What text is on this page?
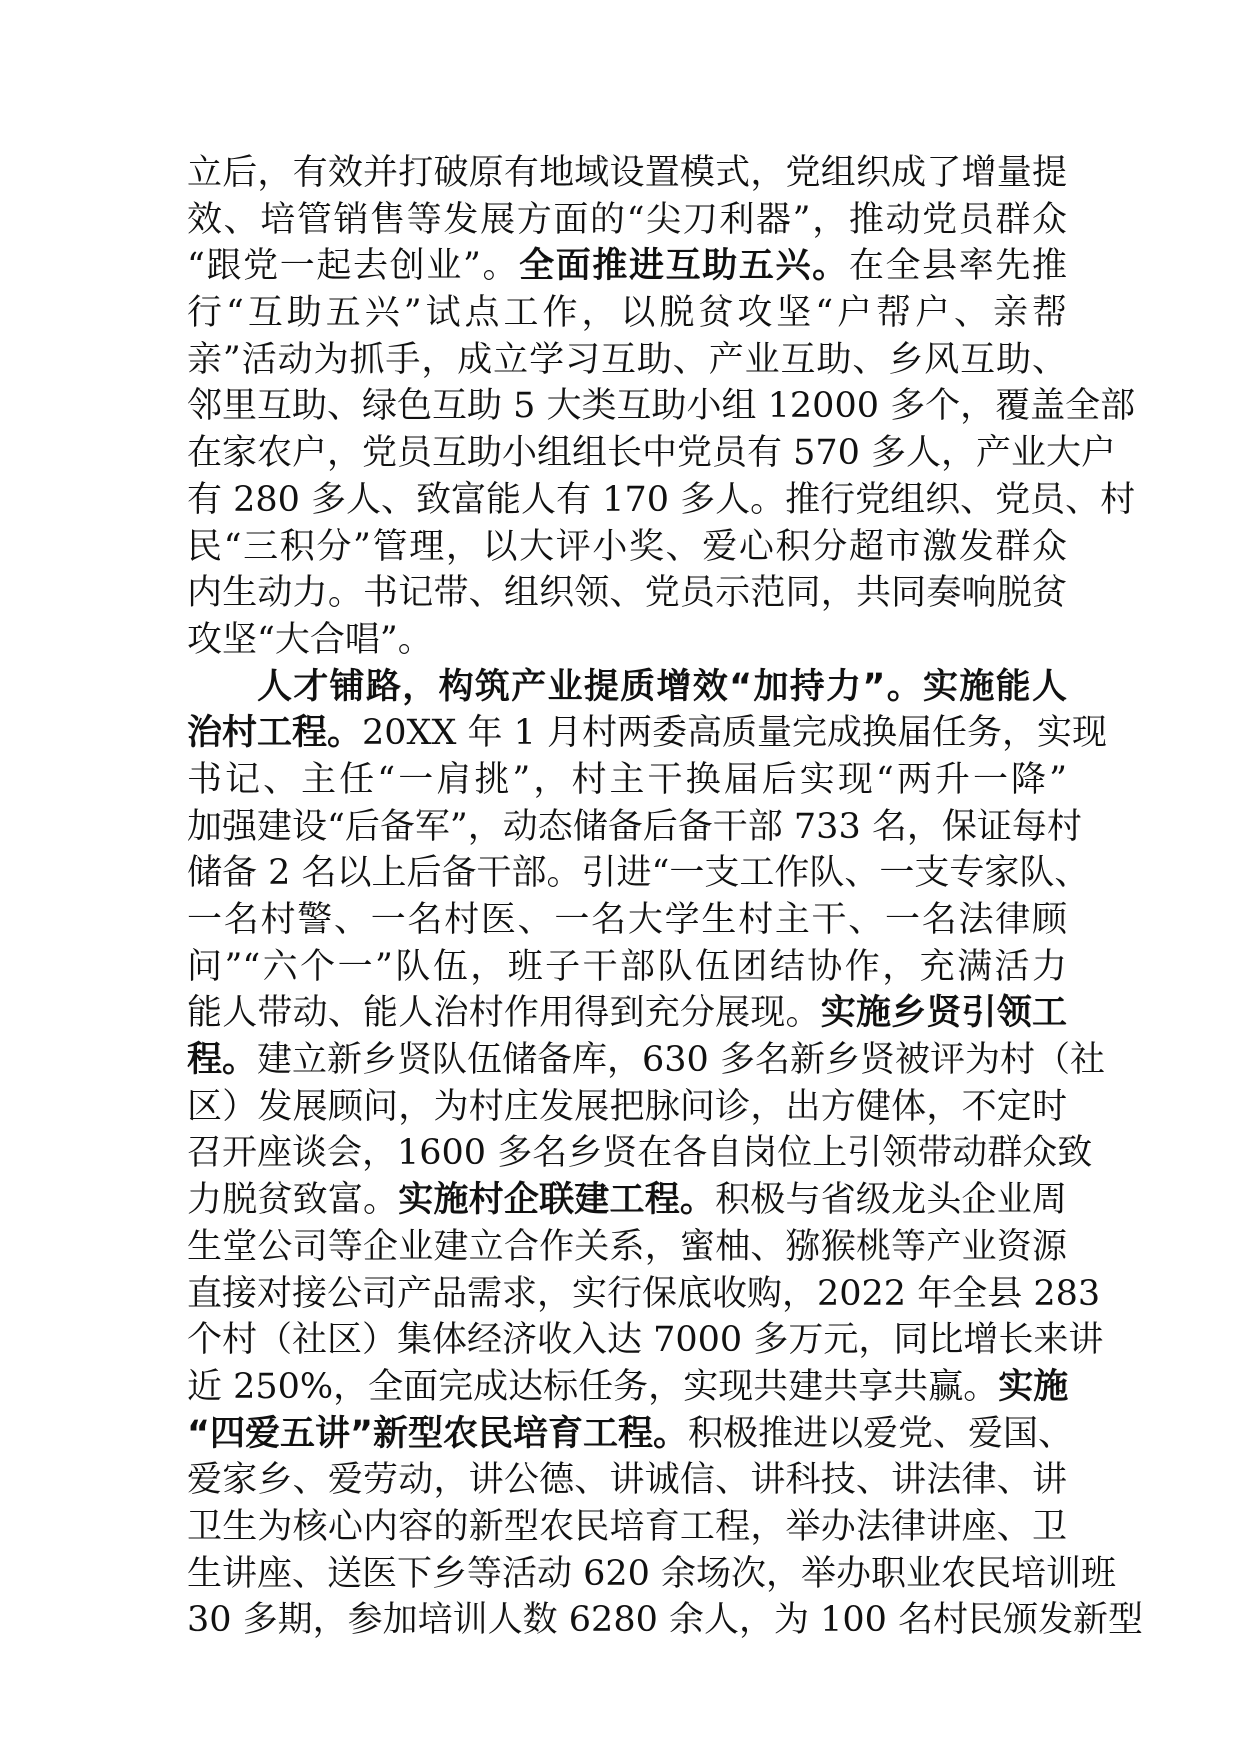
立后，有效并打破原有地域设置模式，党组织成了增量提
效、培管销售等发展方面的“尖刀利器”，推动党员群众
“跟党一起去创业”。全面推进互助五兴。在全县率先推
行“互助五兴”试点工作，以脱贫攻坚“户帮户、亲帮
亲”活动为抓手，成立学习互助、产业互助、乡风互助、
邻里互助、绿色互助 5 大类互助小组 12000 多个，覆盖全部
在家农户，党员互助小组组长中党员有 570 多人，产业大户
有 280 多人、致富能人有 170 多人。推行党组织、党员、村
民“三积分”管理，以大评小奖、爱心积分超市激发群众
内生动力。书记带、组织领、党员示范同，共同奏响脱贫
攻坚“大合唱”。
人才铺路，构筑产业提质增效“加持力”。实施能人
治村工程。20XX 年 1 月村两委高质量完成换届任务，实现
书记、主任“一肩挑”，村主干换届后实现“两升一降”
加强建设“后备军”，动态储备后备干部 733 名，保证每村
储备 2 名以上后备干部。引进“一支工作队、一支专家队、
一名村警、一名村医、一名大学生村主干、一名法律顾
问”“六个一”队伍，班子干部队伍团结协作，充满活力
能人带动、能人治村作用得到充分展现。实施乡贤引领工
程。建立新乡贤队伍储备库，630 多名新乡贤被评为村（社
区）发展顾问，为村庄发展把脉问诊，出方健体，不定时
召开座谈会，1600 多名乡贤在各自岗位上引领带动群众致
力脱贫致富。实施村企联建工程。积极与省级龙头企业周
生堂公司等企业建立合作关系，蜜柚、猕猴桃等产业资源
直接对接公司产品需求，实行保底收购，2022 年全县 283
个村（社区）集体经济收入达 7000 多万元，同比增长来讲
近 250%，全面完成达标任务，实现共建共享共赢。实施
“四爱五讲”新型农民培育工程。积极推进以爱党、爱国、
爱家乡、爱劳动，讲公德、讲诚信、讲科技、讲法律、讲
卫生为核心内容的新型农民培育工程，举办法律讲座、卫
生讲座、送医下乡等活动 620 余场次，举办职业农民培训班
30 多期，参加培训人数 6280 余人，为 100 名村民颁发新型
